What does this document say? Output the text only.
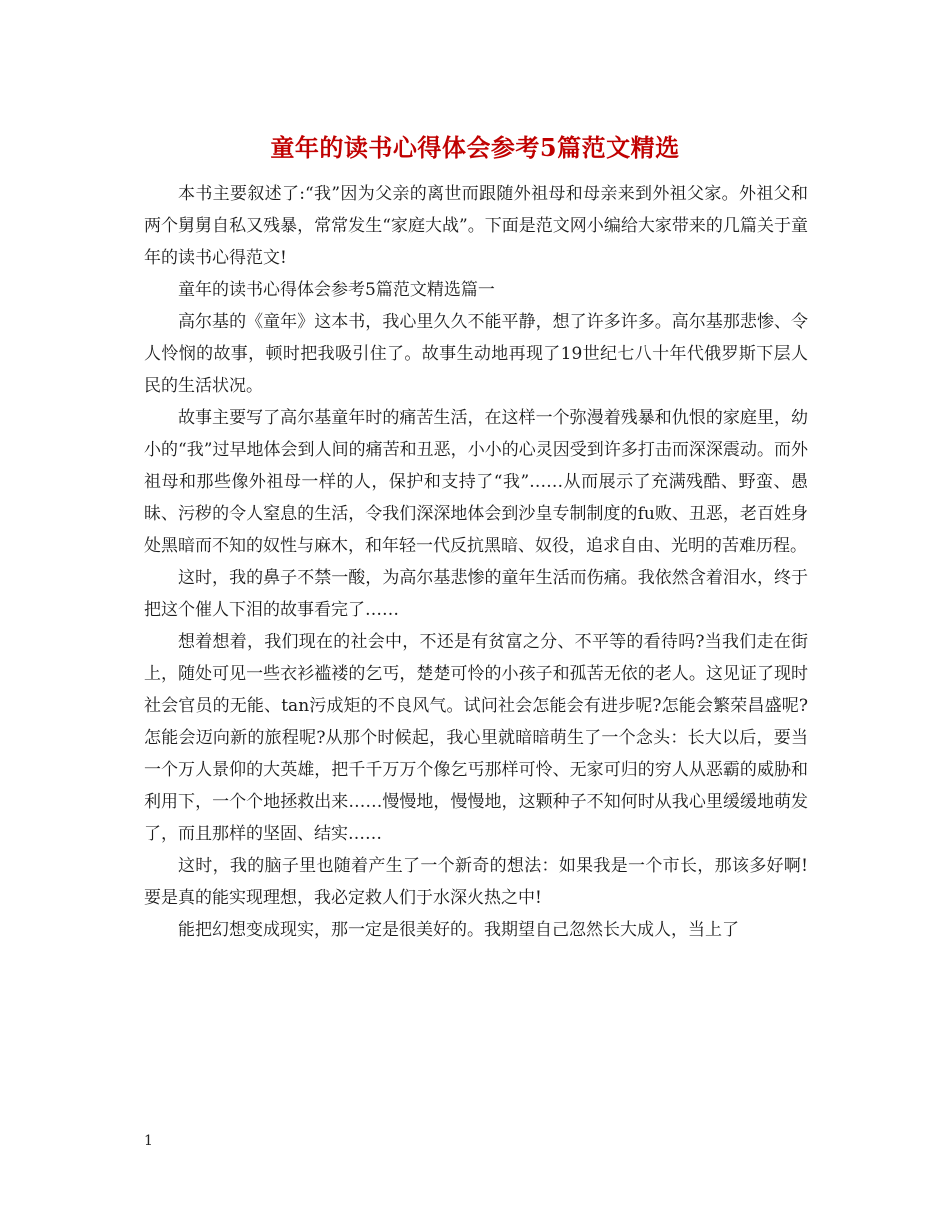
童年的读书心得体会参考5篇范文精选

本书主要叙述了:“我”因为父亲的离世而跟随外祖母和母亲来到外祖父家。外祖父和两个舅舅自私又残暴，常常发生“家庭大战”。下面是范文网小编给大家带来的几篇关于童年的读书心得范文!

童年的读书心得体会参考5篇范文精选篇一

高尔基的《童年》这本书，我心里久久不能平静，想了许多许多。高尔基那悲惨、令人怜悯的故事，顿时把我吸引住了。故事生动地再现了19世纪七八十年代俄罗斯下层人民的生活状况。

故事主要写了高尔基童年时的痛苦生活，在这样一个弥漫着残暴和仇恨的家庭里，幼小的“我”过早地体会到人间的痛苦和丑恶，小小的心灵因受到许多打击而深深震动。而外祖母和那些像外祖母一样的人，保护和支持了“我”……从而展示了充满残酷、野蛮、愚昧、污秽的令人窒息的生活，令我们深深地体会到沙皇专制制度的fu败、丑恶，老百姓身处黑暗而不知的奴性与麻木，和年轻一代反抗黑暗、奴役，追求自由、光明的苦难历程。

这时，我的鼻子不禁一酸，为高尔基悲惨的童年生活而伤痛。我依然含着泪水，终于把这个催人下泪的故事看完了……

想着想着，我们现在的社会中，不还是有贫富之分、不平等的看待吗?当我们走在街上，随处可见一些衣衫褴褛的乞丐，楚楚可怜的小孩子和孤苦无依的老人。这见证了现时社会官员的无能、tan污成矩的不良风气。试问社会怎能会有进步呢?怎能会繁荣昌盛呢?怎能会迈向新的旅程呢?从那个时候起，我心里就暗暗萌生了一个念头：长大以后，要当一个万人景仰的大英雄，把千千万万个像乞丐那样可怜、无家可归的穷人从恶霸的威胁和利用下，一个个地拯救出来……慢慢地，慢慢地，这颗种子不知何时从我心里缓缓地萌发了，而且那样的坚固、结实……

这时，我的脑子里也随着产生了一个新奇的想法：如果我是一个市长，那该多好啊!要是真的能实现理想，我必定救人们于水深火热之中!

能把幻想变成现实，那一定是很美好的。我期望自己忽然长大成人，当上了

1
